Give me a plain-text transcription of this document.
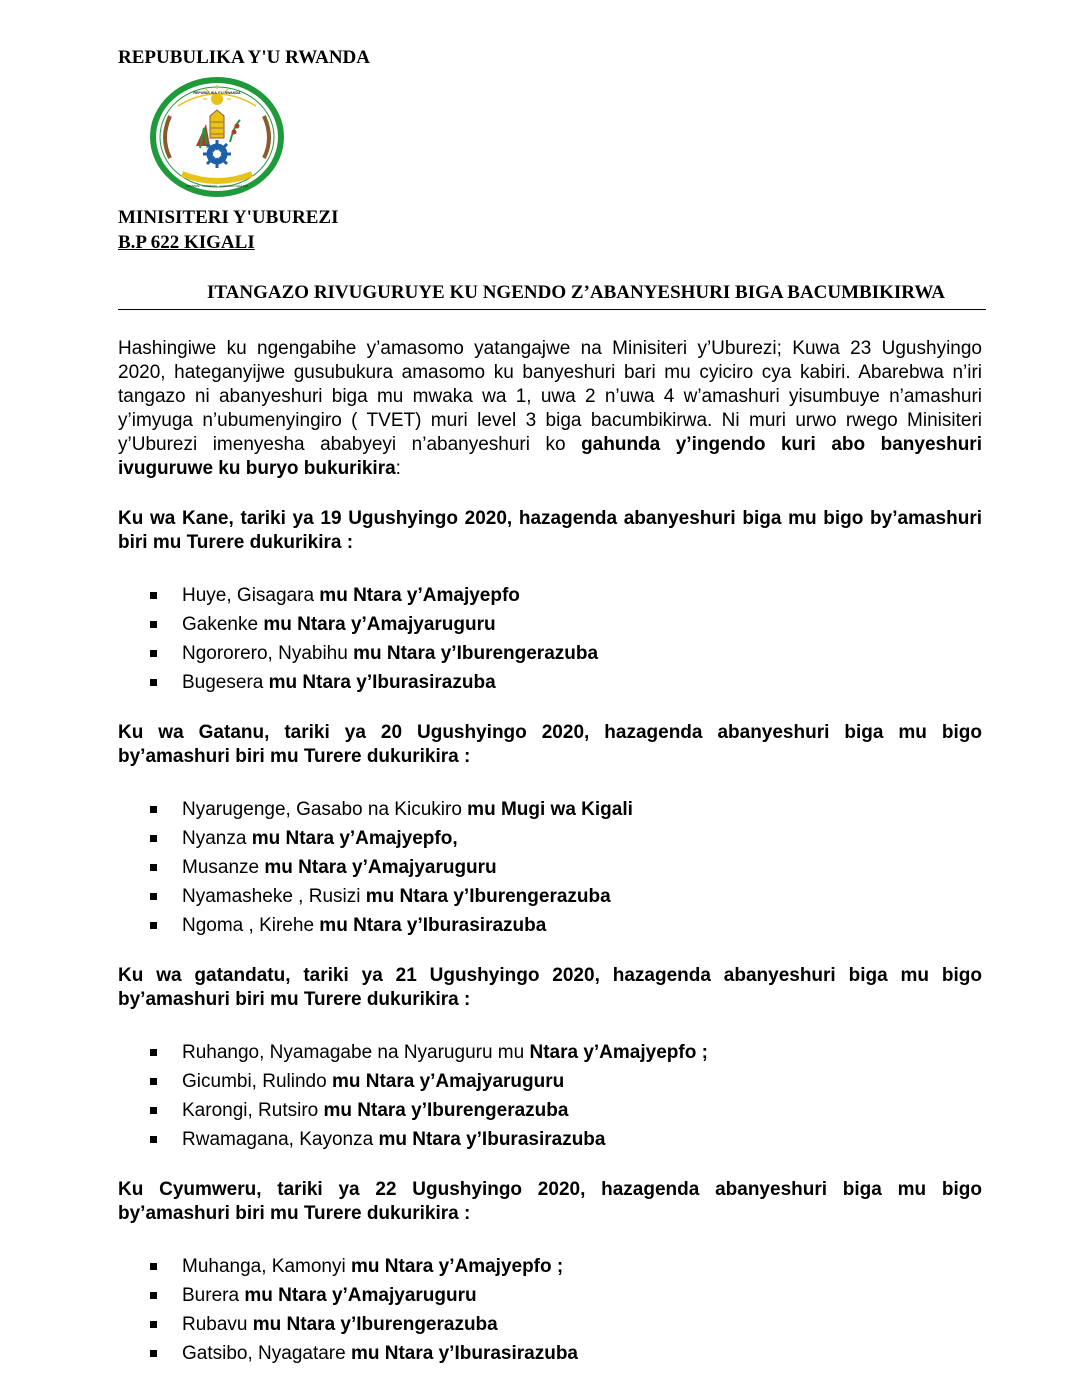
REPUBULIKA Y'U RWANDA
REPUBULIKA Y'U RWANDA
UBUMWE · UMURIMO · GUKUNDA IGIHUGU
MINISITERI Y'UBUREZI
B.P 622 KIGALI
ITANGAZO RIVUGURUYE KU NGENDO Z’ABANYESHURI BIGA BACUMBIKIRWA

Hashingiwe ku ngengabihe y’amasomo yatangajwe na Minisiteri y’Uburezi; Kuwa 23 Ugushyingo 2020, hateganyijwe gusubukura amasomo ku banyeshuri bari mu cyiciro cya kabiri. Abarebwa n’iri tangazo ni abanyeshuri biga mu mwaka wa 1, uwa 2 n’uwa 4 w’amashuri yisumbuye n’amashuri y’imyuga n’ubumenyingiro ( TVET) muri level 3 biga bacumbikirwa. Ni muri urwo rwego Minisiteri y’Uburezi imenyesha ababyeyi n’abanyeshuri ko gahunda y’ingendo kuri abo banyeshuri ivuguruwe ku buryo bukurikira:

Ku wa Kane, tariki ya 19 Ugushyingo 2020, hazagenda abanyeshuri biga mu bigo by’amashuri biri mu Turere dukurikira :

Huye, Gisagara mu Ntara y’Amajyepfo
Gakenke mu Ntara y’Amajyaruguru
Ngororero, Nyabihu mu Ntara y’Iburengerazuba
Bugesera mu Ntara y’Iburasirazuba

Ku wa Gatanu, tariki ya 20 Ugushyingo 2020, hazagenda abanyeshuri biga mu bigo by’amashuri biri mu Turere dukurikira :

Nyarugenge, Gasabo na Kicukiro mu Mugi wa Kigali
Nyanza mu Ntara y’Amajyepfo,
Musanze mu Ntara y’Amajyaruguru
Nyamasheke , Rusizi mu Ntara y’Iburengerazuba
Ngoma , Kirehe mu Ntara y’Iburasirazuba

Ku wa gatandatu, tariki ya 21 Ugushyingo 2020, hazagenda abanyeshuri biga mu bigo by’amashuri biri mu Turere dukurikira :

Ruhango, Nyamagabe na Nyaruguru mu Ntara y’Amajyepfo ;
Gicumbi, Rulindo mu Ntara y’Amajyaruguru
Karongi, Rutsiro mu Ntara y’Iburengerazuba
Rwamagana, Kayonza mu Ntara y’Iburasirazuba

Ku Cyumweru, tariki ya 22 Ugushyingo 2020, hazagenda abanyeshuri biga mu bigo by’amashuri biri mu Turere dukurikira :

Muhanga, Kamonyi mu Ntara y’Amajyepfo ;
Burera mu Ntara y’Amajyaruguru
Rubavu mu Ntara y’Iburengerazuba
Gatsibo, Nyagatare mu Ntara y’Iburasirazuba
